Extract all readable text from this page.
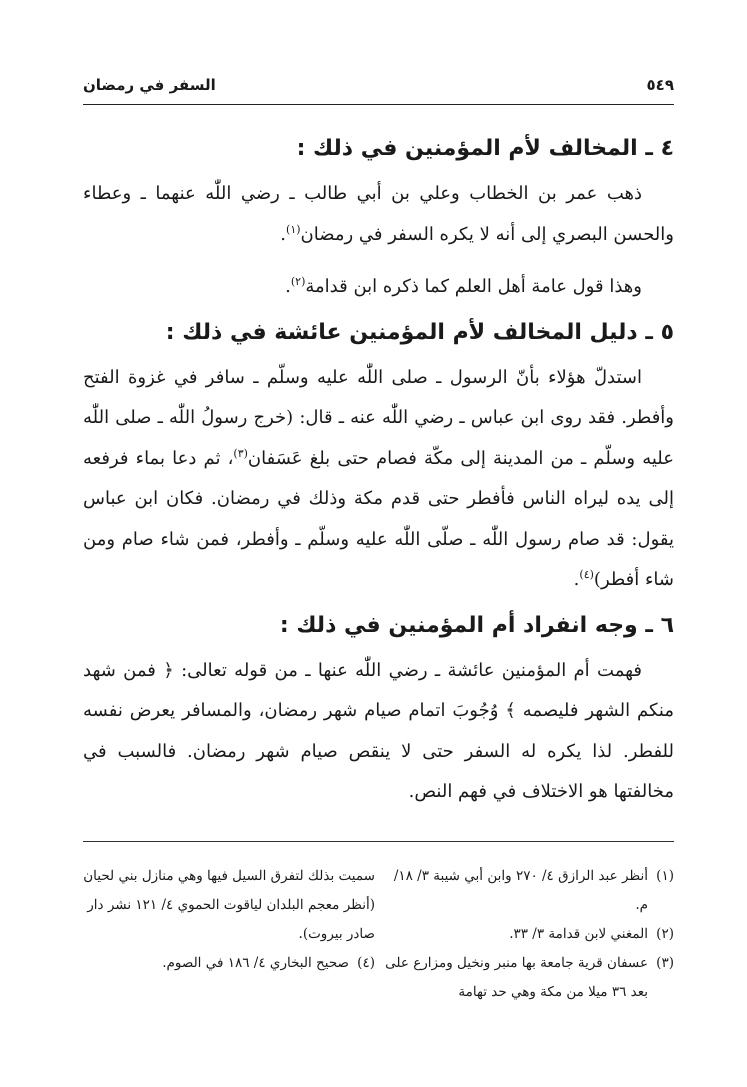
٥٤٩
السفر في رمضان
٤ ـ المخالف لأم المؤمنين في ذلك :

ذهب عمر بن الخطاب وعلي بن أبي طالب ـ رضي اللّٰه عنهما ـ وعطاء والحسن البصري إلى أنه لا يكره السفر في رمضان$^{(١)}$.

وهذا قول عامة أهل العلم كما ذكره ابن قدامة$^{(٢)}$.

٥ ـ دليل المخالف لأم المؤمنين عائشة في ذلك :

استدلّ هؤلاء بأنّ الرسول ـ صلى اللّٰه عليه وسلّم ـ سافر في غزوة الفتح وأفطر. فقد روى ابن عباس ـ رضي اللّٰه عنه ـ قال: (خرج رسولُ اللّٰه ـ صلى اللّٰه عليه وسلّم ـ من المدينة إلى مكّة فصام حتى بلغ عَسَفان$^{(٣)}$، ثم دعا بماء فرفعه إلى يده ليراه الناس فأفطر حتى قدم مكة وذلك في رمضان. فكان ابن عباس يقول: قد صام رسول اللّٰه ـ صلّى اللّٰه عليه وسلّم ـ وأفطر، فمن شاء صام ومن شاء أفطر)$^{(٤)}$.

٦ ـ وجه انفراد أم المؤمنين في ذلك :

فهمت أم المؤمنين عائشة ـ رضي اللّٰه عنها ـ من قوله تعالى: ﴿ فمن شهد منكم الشهر فليصمه ﴾ وُجُوبَ اتمام صيام شهر رمضان، والمسافر يعرض نفسه للفطر. لذا يكره له السفر حتى لا ينقص صيام شهر رمضان. فالسبب في مخالفتها هو الاختلاف في فهم النص.

(١)أنظر عبد الرازق ٤/ ٢٧٠ وابن أبي شيبة ٣/ ١٨/م.
(٢)المغني لابن قدامة ٣/ ٣٣.
(٣)عسفان قرية جامعة بها منبر ونخيل ومزارع على بعد ٣٦ ميلا من مكة وهي حد تهامة
سميت بذلك لتفرق السيل فيها وهي منازل بني لحيان (أنظر معجم البلدان لياقوت الحموي ٤/ ١٢١ نشر دار صادر بيروت).
(٤)صحيح البخاري ٤/ ١٨٦ في الصوم.
